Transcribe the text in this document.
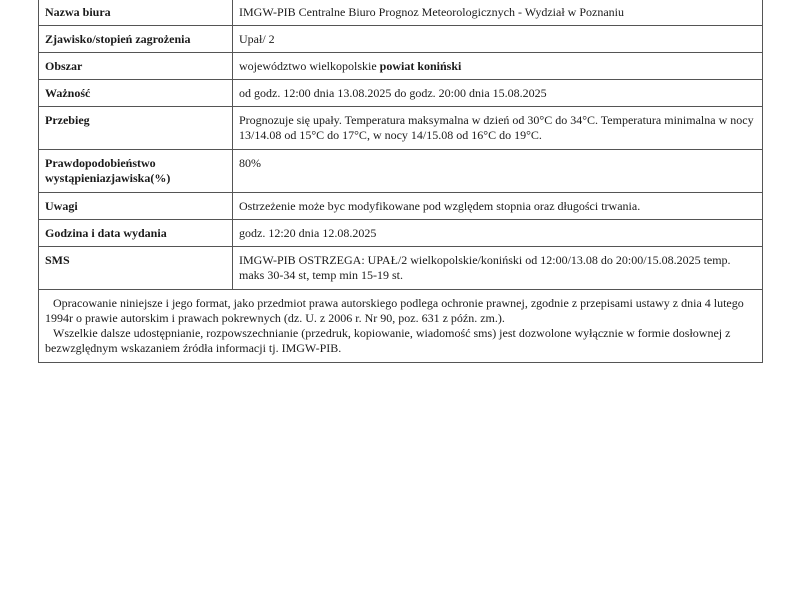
Nazwa biura	IMGW-PIB Centralne Biuro Prognoz Meteorologicznych - Wydział w Poznaniu
Zjawisko/stopień zagrożenia	Upał/ 2
Obszar	województwo wielkopolskie powiat koniński
Ważność	od godz. 12:00 dnia 13.08.2025 do godz. 20:00 dnia 15.08.2025
Przebieg	Prognozuje się upały. Temperatura maksymalna w dzień od 30°C do 34°C. Temperatura minimalna w nocy 13/14.08 od 15°C do 17°C, w nocy 14/15.08 od 16°C do 19°C.
Prawdopodobieństwo wystąpieniazjawiska(%)	80%
Uwagi	Ostrzeżenie może byc modyfikowane pod względem stopnia oraz długości trwania.
Godzina i data wydania	godz. 12:20 dnia 12.08.2025
SMS	IMGW-PIB OSTRZEGA: UPAŁ/2 wielkopolskie/koniński od 12:00/13.08 do 20:00/15.08.2025 temp. maks 30-34 st, temp min 15-19 st.

Opracowanie niniejsze i jego format, jako przedmiot prawa autorskiego podlega ochronie prawnej, zgodnie z przepisami ustawy z dnia 4 lutego 1994r o prawie autorskim i prawach pokrewnych (dz. U. z 2006 r. Nr 90, poz. 631 z późn. zm.).

Wszelkie dalsze udostępnianie, rozpowszechnianie (przedruk, kopiowanie, wiadomość sms) jest dozwolone wyłącznie w formie dosłownej z bezwzględnym wskazaniem źródła informacji tj. IMGW-PIB.
